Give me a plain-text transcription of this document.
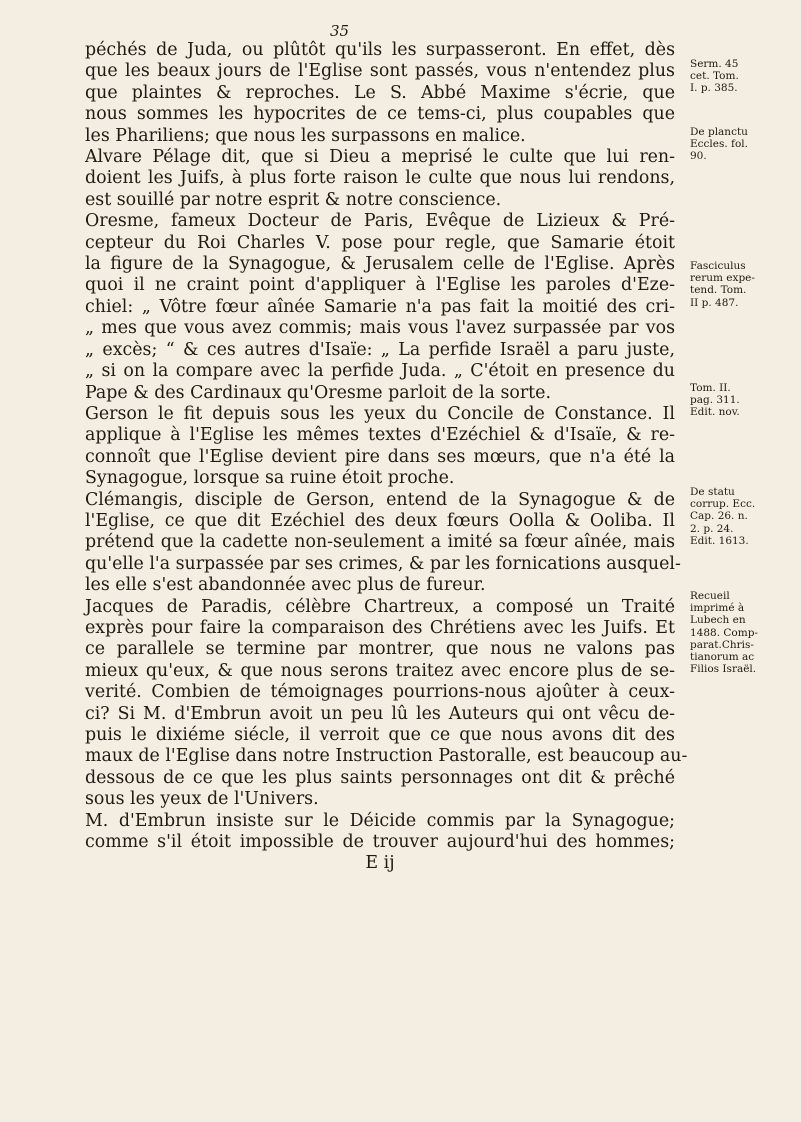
35
péchés de Juda, ou plûtôt qu'ils les surpasseront. En effet, dès
que les beaux jours de l'Eglise sont passés, vous n'entendez plus
que plaintes & reproches. Le S. Abbé Maxime s'écrie, que
nous sommes les hypocrites de ce tems-ci, plus coupables que
les Phariliens; que nous les surpassons en malice.
Alvare Pélage dit, que si Dieu a meprisé le culte que lui ren-
doient les Juifs, à plus forte raison le culte que nous lui rendons,
est souillé par notre esprit & notre conscience.
Oresme, fameux Docteur de Paris, Evêque de Lizieux & Pré-
cepteur du Roi Charles V. pose pour regle, que Samarie étoit
la figure de la Synagogue, & Jerusalem celle de l'Eglise. Après
quoi il ne craint point d'appliquer à l'Eglise les paroles d'Eze-
chiel: „ Vôtre fœur aînée Samarie n'a pas fait la moitié des cri-
„ mes que vous avez commis; mais vous l'avez surpassée par vos
„ excès; “ & ces autres d'Isaïe: „ La perfide Israël a paru juste,
„ si on la compare avec la perfide Juda. „ C'étoit en presence du
Pape & des Cardinaux qu'Oresme parloit de la sorte.
Gerson le fit depuis sous les yeux du Concile de Constance. Il
applique à l'Eglise les mêmes textes d'Ezéchiel & d'Isaïe, & re-
connoît que l'Eglise devient pire dans ses mœurs, que n'a été la
Synagogue, lorsque sa ruine étoit proche.
Clémangis, disciple de Gerson, entend de la Synagogue & de
l'Eglise, ce que dit Ezéchiel des deux fœurs Oolla & Ooliba. Il
prétend que la cadette non-seulement a imité sa fœur aînée, mais
qu'elle l'a surpassée par ses crimes, & par les fornications ausquel-
les elle s'est abandonnée avec plus de fureur.
Jacques de Paradis, célèbre Chartreux, a composé un Traité
exprès pour faire la comparaison des Chrétiens avec les Juifs. Et
ce parallele se termine par montrer, que nous ne valons pas
mieux qu'eux, & que nous serons traitez avec encore plus de se-
verité. Combien de témoignages pourrions-nous ajoûter à ceux-
ci? Si M. d'Embrun avoit un peu lû les Auteurs qui ont vêcu de-
puis le dixiéme siécle, il verroit que ce que nous avons dit des
maux de l'Eglise dans notre Instruction Pastoralle, est beaucoup au-
dessous de ce que les plus saints personnages ont dit & prêché
sous les yeux de l'Univers.
M. d'Embrun insiste sur le Déicide commis par la Synagogue;
comme s'il étoit impossible de trouver aujourd'hui des hommes;
E ij
Serm. 45
cet. Tom.
I. p. 385.
De planctu
Eccles. fol.
90.
Fasciculus
rerum expe-
tend. Tom.
II p. 487.
Tom. II.
pag. 311.
Edit. nov.
De statu
corrup. Ecc.
Cap. 26. n.
2. p. 24.
Edit. 1613.
Recueil
imprimé à
Lubech en
1488. Comp-
parat.Chris-
tianorum ac
Filios Israël.
